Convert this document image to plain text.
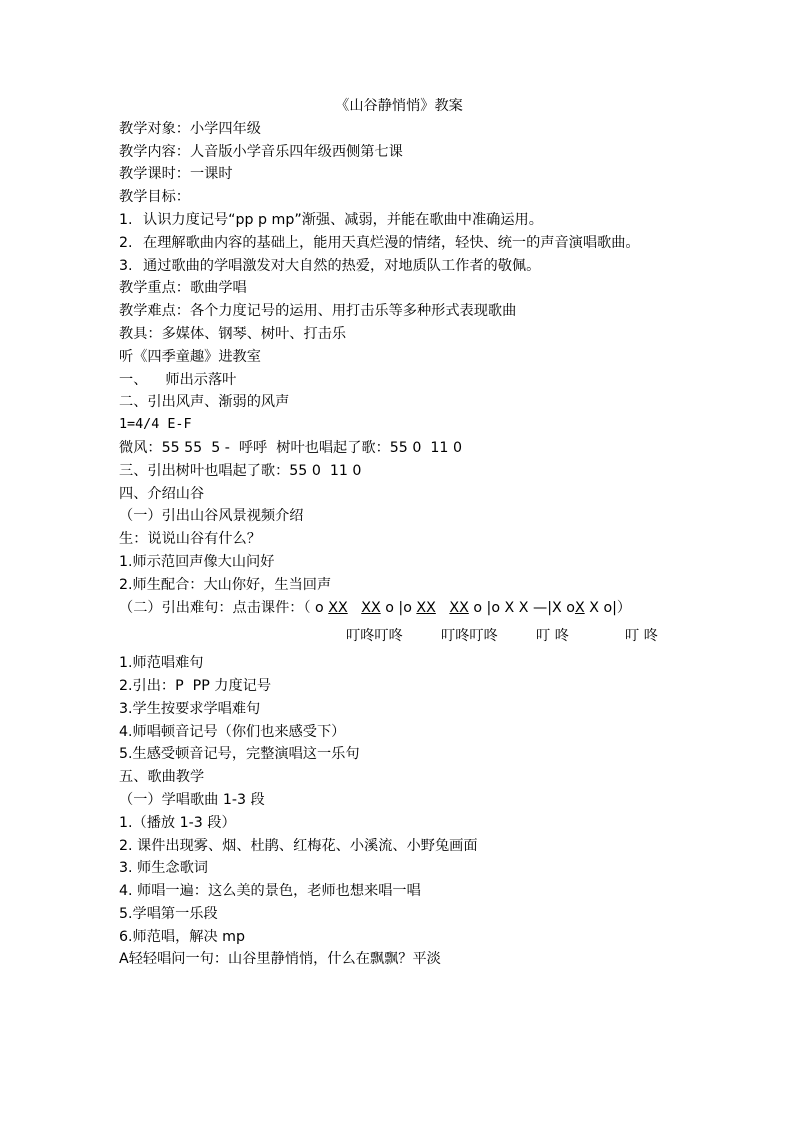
《山谷静悄悄》教案
教学对象：小学四年级
教学内容：人音版小学音乐四年级西侧第七课
教学课时：一课时
教学目标：
1. 认识力度记号“pp p mp”渐强、减弱，并能在歌曲中准确运用。
2. 在理解歌曲内容的基础上，能用天真烂漫的情绪，轻快、统一的声音演唱歌曲。
3. 通过歌曲的学唱激发对大自然的热爱，对地质队工作者的敬佩。
教学重点：歌曲学唱
教学难点：各个力度记号的运用、用打击乐等多种形式表现歌曲
教具：多媒体、钢琴、树叶、打击乐
听《四季童趣》进教室
一、    师出示落叶
二、引出风声、渐弱的风声
1=4/4 E-F
微风：55 55  5 -  呼呼  树叶也唱起了歌：55 0  11 0
三、引出树叶也唱起了歌：55 0  11 0
四、介绍山谷
（一）引出山谷风景视频介绍
生：说说山谷有什么？
1.师示范回声像大山问好
2.师生配合：大山你好，生当回声
（二）引出难句：点击课件：（ o XX XX o |o XX XX o |o X X —|X oX X o|）
叮咚叮咚	叮咚叮咚	叮 咚	叮 咚
1.师范唱难句
2.引出：P  PP 力度记号
3.学生按要求学唱难句
4.师唱顿音记号（你们也来感受下）
5.生感受顿音记号，完整演唱这一乐句
五、歌曲教学
（一）学唱歌曲 1-3 段
1.（播放 1-3 段）
2. 课件出现雾、烟、杜鹃、红梅花、小溪流、小野兔画面
3. 师生念歌词
4. 师唱一遍：这么美的景色，老师也想来唱一唱
5.学唱第一乐段
6.师范唱，解决 mp
A轻轻唱问一句：山谷里静悄悄，什么在飘飘？平淡
